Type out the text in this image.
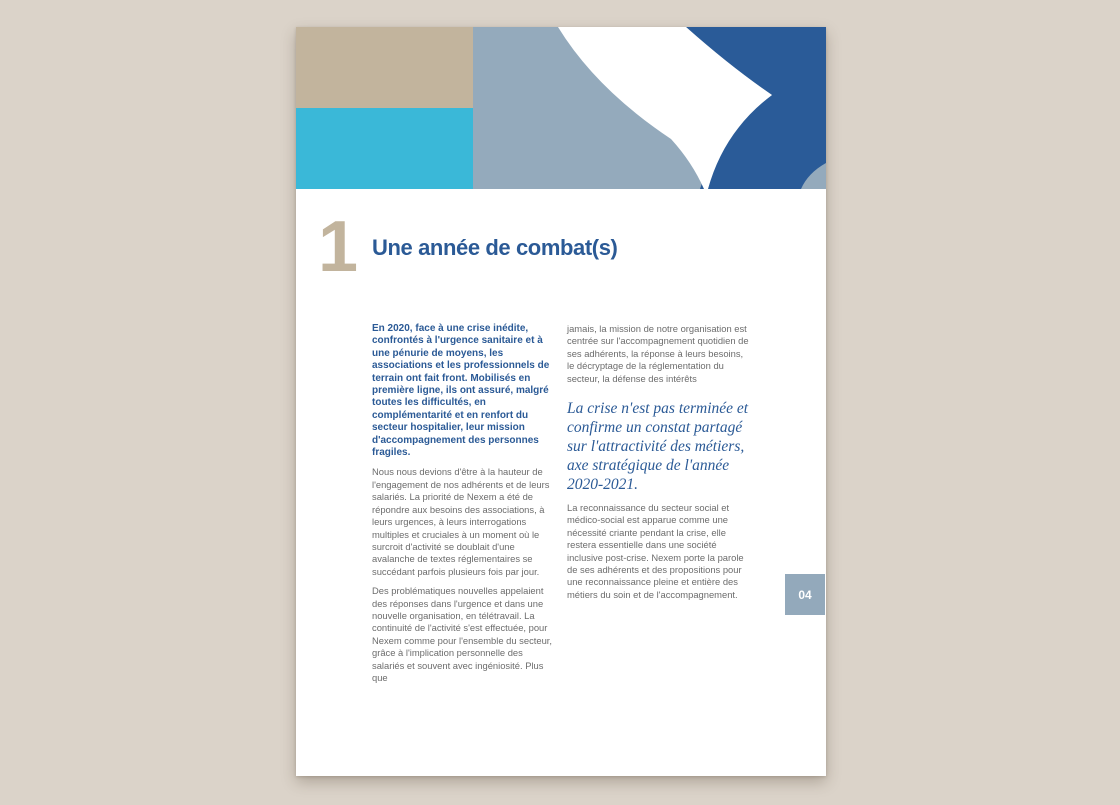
1 Une année de combat(s)

En 2020, face à une crise inédite, confrontés à l'urgence sanitaire et à une pénurie de moyens, les associations et les professionnels de terrain ont fait front. Mobilisés en première ligne, ils ont assuré, malgré toutes les difficultés, en complémentarité et en renfort du secteur hospitalier, leur mission d'accompagnement des personnes fragiles.

Nous nous devions d'être à la hauteur de l'engagement de nos adhérents et de leurs salariés. La priorité de Nexem a été de répondre aux besoins des associations, à leurs urgences, à leurs interrogations multiples et cruciales à un moment où le surcroit d'activité se doublait d'une avalanche de textes réglementaires se succédant parfois plusieurs fois par jour.

Des problématiques nouvelles appelaient des réponses dans l'urgence et dans une nouvelle organisation, en télétravail. La continuité de l'activité s'est effectuée, pour Nexem comme pour l'ensemble du secteur, grâce à l'implication personnelle des salariés et souvent avec ingéniosité. Plus que

jamais, la mission de notre organisation est centrée sur l'accompagnement quotidien de ses adhérents, la réponse à leurs besoins, le décryptage de la réglementation du secteur, la défense des intérêts

La crise n'est pas terminée et confirme un constat partagé sur l'attractivité des métiers, axe stratégique de l'année 2020-2021.

La reconnaissance du secteur social et médico-social est apparue comme une nécessité criante pendant la crise, elle restera essentielle dans une société inclusive post-crise. Nexem porte la parole de ses adhérents et des propositions pour une reconnaissance pleine et entière des métiers du soin et de l'accompagnement.	04
